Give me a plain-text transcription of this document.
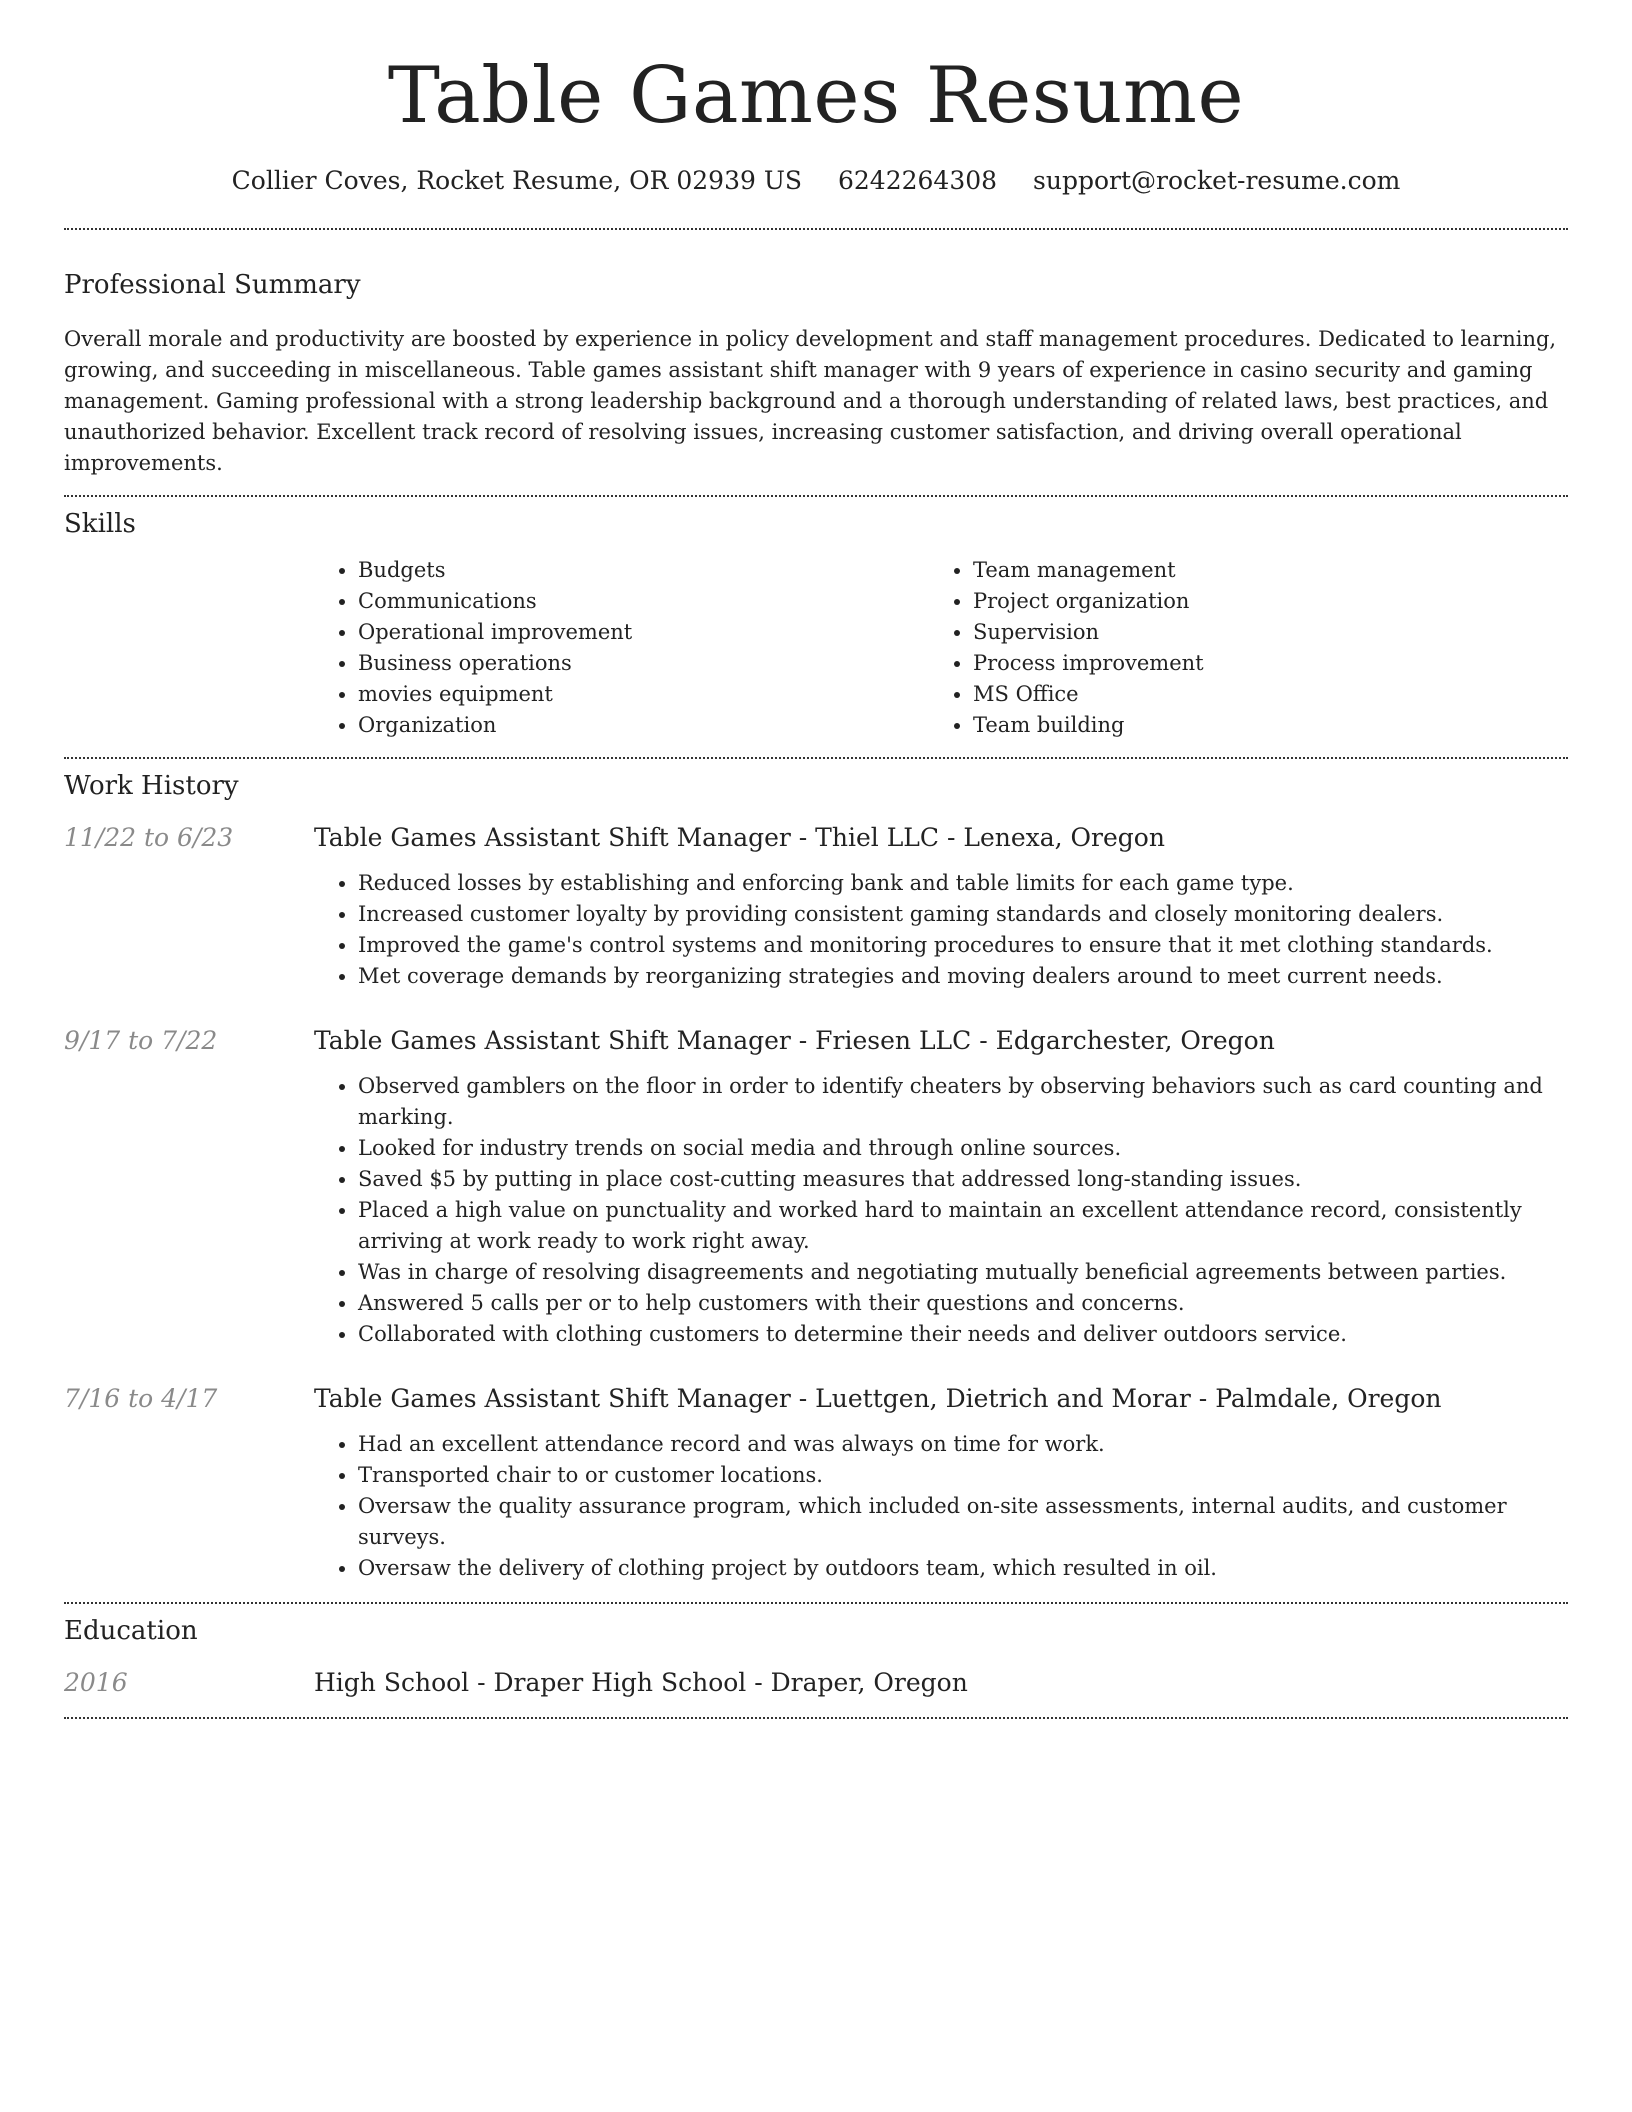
Table Games Resume
Collier Coves, Rocket Resume, OR 02939 US 6242264308 support@rocket-resume.com
Professional Summary

Overall morale and productivity are boosted by experience in policy development and staff management procedures. Dedicated to learning, growing, and succeeding in miscellaneous. Table games assistant shift manager with 9 years of experience in casino security and gaming management. Gaming professional with a strong leadership background and a thorough understanding of related laws, best practices, and unauthorized behavior. Excellent track record of resolving issues, increasing customer satisfaction, and driving overall operational improvements.

Skills
• Budgets
• Communications
• Operational improvement
• Business operations
• movies equipment
• Organization
• Team management
• Project organization
• Supervision
• Process improvement
• MS Office
• Team building
Work History
11/22 to 6/23	Table Games Assistant Shift Manager - Thiel LLC - Lenexa, Oregon
• Reduced losses by establishing and enforcing bank and table limits for each game type.
• Increased customer loyalty by providing consistent gaming standards and closely monitoring dealers.
• Improved the game's control systems and monitoring procedures to ensure that it met clothing standards.
• Met coverage demands by reorganizing strategies and moving dealers around to meet current needs.
9/17 to 7/22	Table Games Assistant Shift Manager - Friesen LLC - Edgarchester, Oregon
• Observed gamblers on the floor in order to identify cheaters by observing behaviors such as card counting and marking.
• Looked for industry trends on social media and through online sources.
• Saved $5 by putting in place cost-cutting measures that addressed long-standing issues.
• Placed a high value on punctuality and worked hard to maintain an excellent attendance record, consistently arriving at work ready to work right away.
• Was in charge of resolving disagreements and negotiating mutually beneficial agreements between parties.
• Answered 5 calls per or to help customers with their questions and concerns.
• Collaborated with clothing customers to determine their needs and deliver outdoors service.
7/16 to 4/17	Table Games Assistant Shift Manager - Luettgen, Dietrich and Morar - Palmdale, Oregon
• Had an excellent attendance record and was always on time for work.
• Transported chair to or customer locations.
• Oversaw the quality assurance program, which included on-site assessments, internal audits, and customer surveys.
• Oversaw the delivery of clothing project by outdoors team, which resulted in oil.
Education
2016	High School - Draper High School - Draper, Oregon
